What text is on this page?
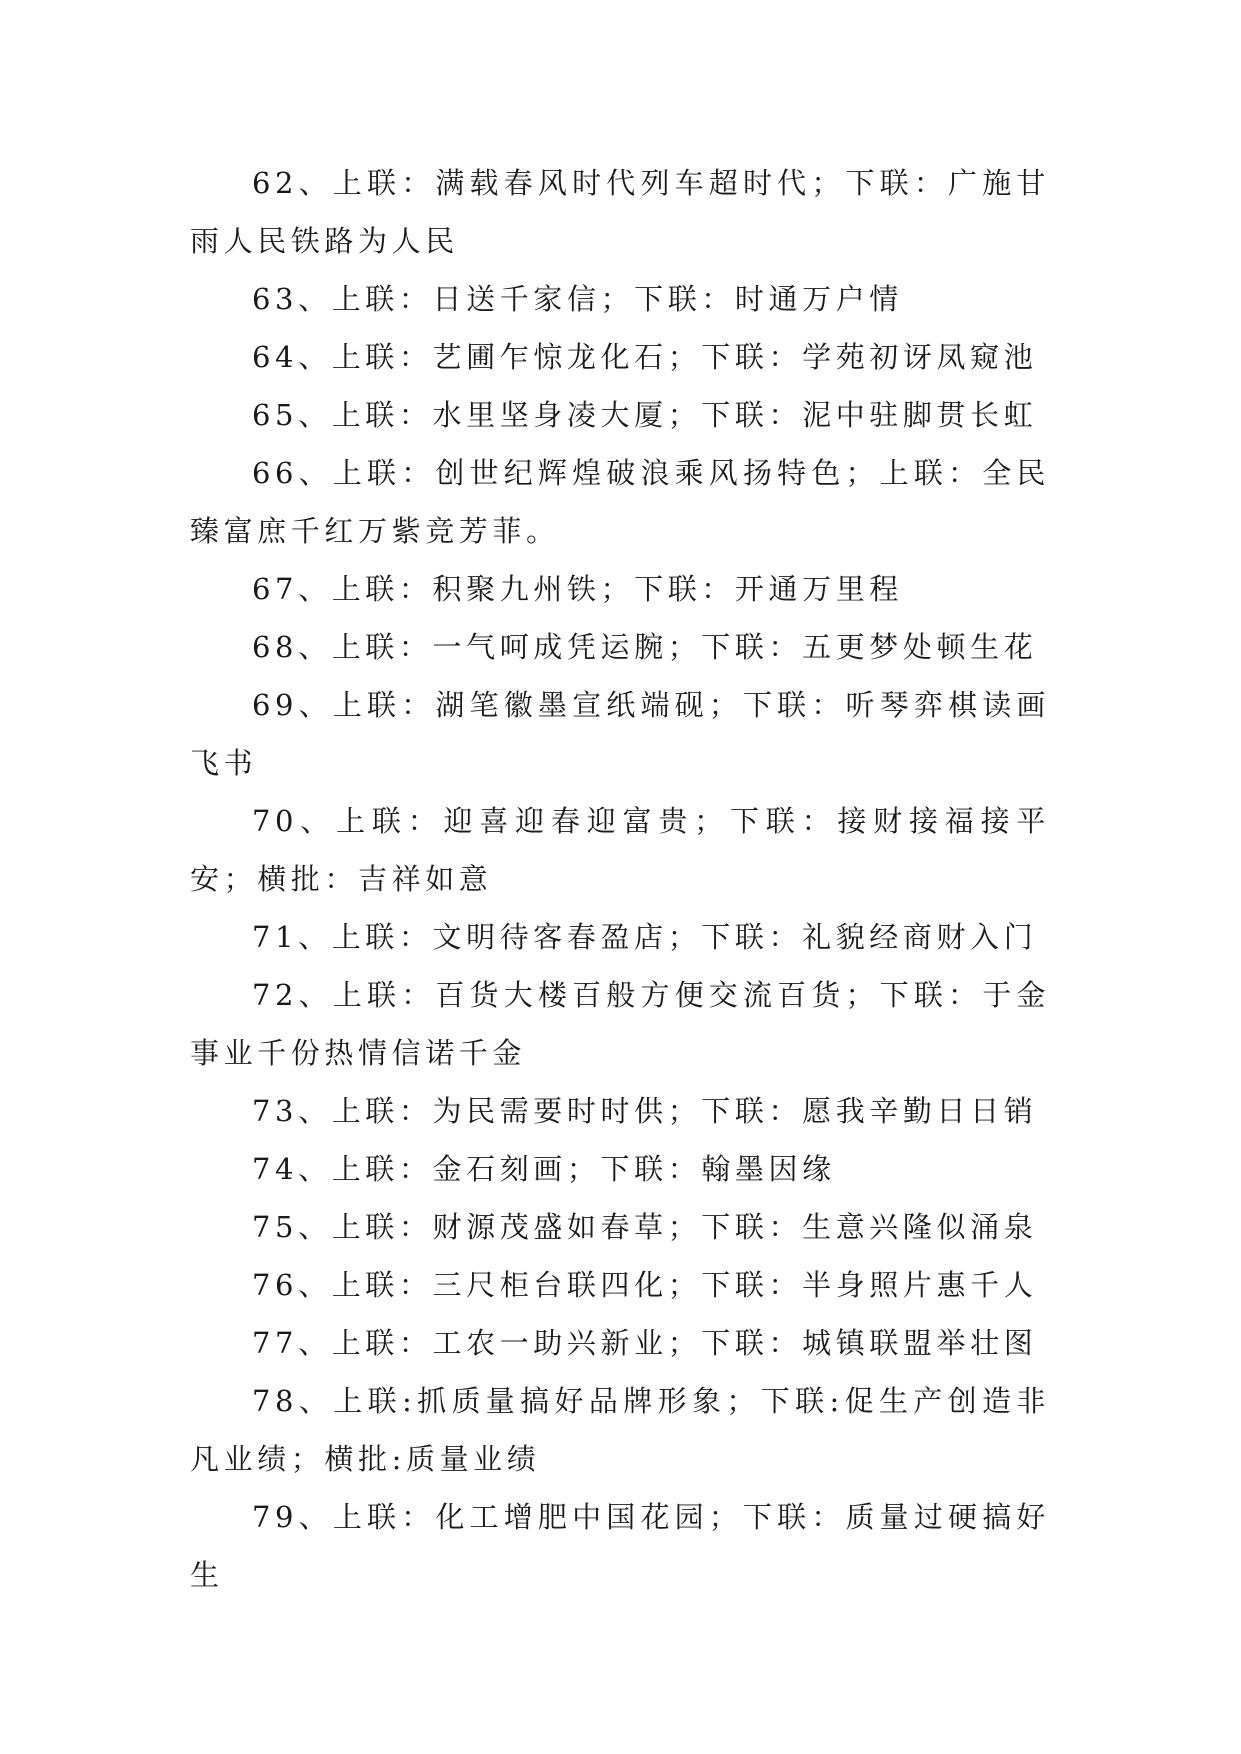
62、上联：满载春风时代列车超时代；下联：广施甘雨人民铁路为人民

63、上联：日送千家信；下联：时通万户情

64、上联：艺圃乍惊龙化石；下联：学苑初讶凤窥池

65、上联：水里坚身凌大厦；下联：泥中驻脚贯长虹

66、上联：创世纪辉煌破浪乘风扬特色；上联：全民臻富庶千红万紫竞芳菲。

67、上联：积聚九州铁；下联：开通万里程

68、上联：一气呵成凭运腕；下联：五更梦处顿生花

69、上联：湖笔徽墨宣纸端砚；下联：听琴弈棋读画飞书

70、上联：迎喜迎春迎富贵；下联：接财接福接平安；横批：吉祥如意

71、上联：文明待客春盈店；下联：礼貌经商财入门

72、上联：百货大楼百般方便交流百货；下联：于金事业千份热情信诺千金

73、上联：为民需要时时供；下联：愿我辛勤日日销

74、上联：金石刻画；下联：翰墨因缘

75、上联：财源茂盛如春草；下联：生意兴隆似涌泉

76、上联：三尺柜台联四化；下联：半身照片惠千人

77、上联：工农一助兴新业；下联：城镇联盟举壮图

78、上联:抓质量搞好品牌形象；下联:促生产创造非凡业绩；横批:质量业绩

79、上联：化工增肥中国花园；下联：质量过硬搞好生
